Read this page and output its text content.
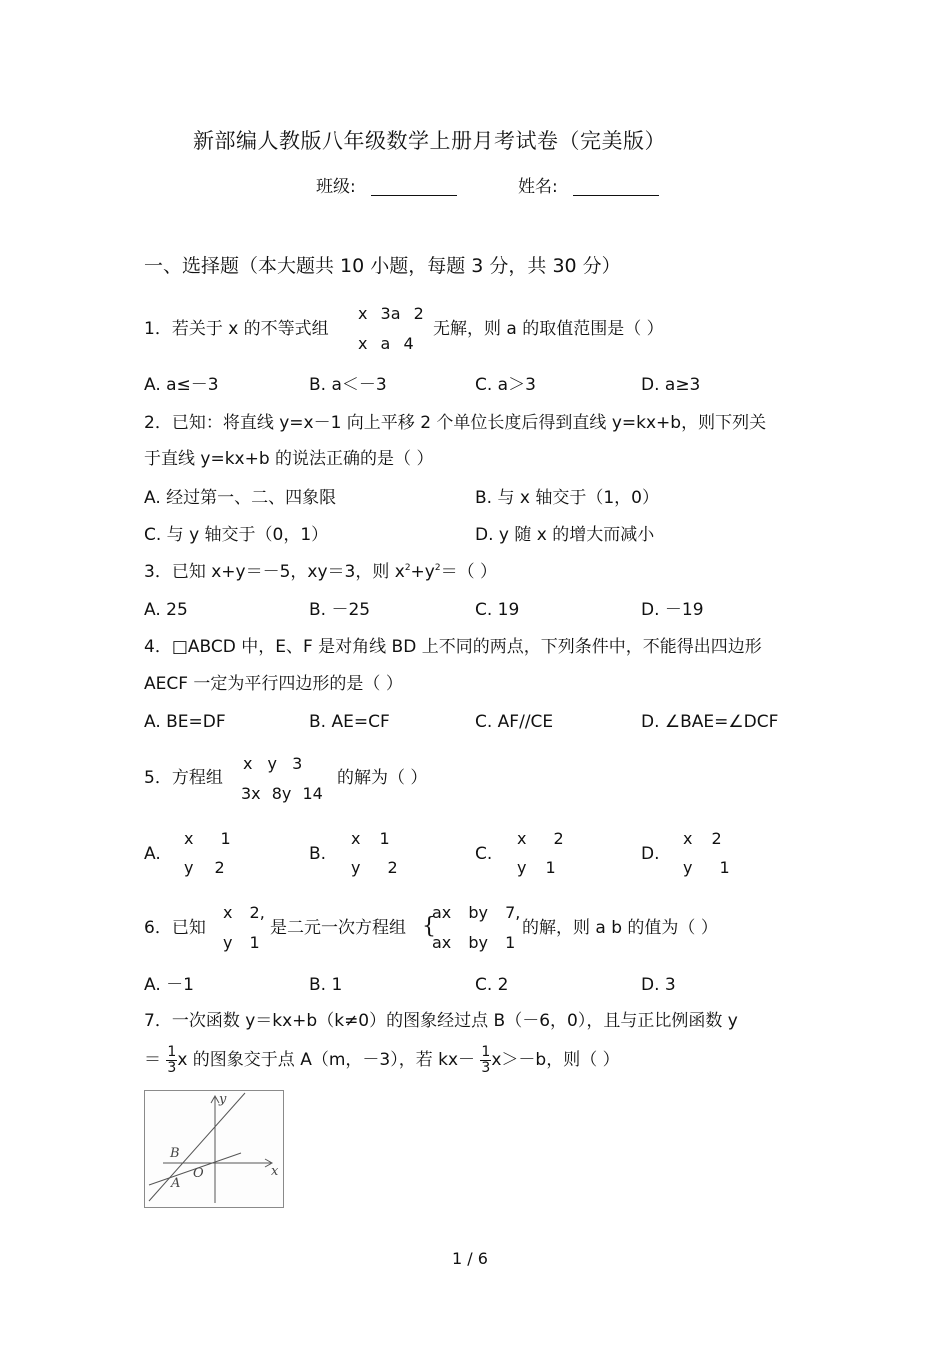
新部编人教版八年级数学上册月考试卷（完美版）
班级:	姓名:
一、选择题（本大题共 10 小题，每题 3 分，共 30 分）
1．若关于 x 的不等式组
x 3a 2
x a 4
无解，则 a 的取值范围是（ ）
A. a≤－3	B. a＜－3	C. a＞3	D. a≥3
2．已知：将直线 y=x－1 向上平移 2 个单位长度后得到直线 y=kx+b，则下列关
于直线 y=kx+b 的说法正确的是（ ）
A. 经过第一、二、四象限	B. 与 x 轴交于（1，0）
C. 与 y 轴交于（0，1）	D. y 随 x 的增大而减小
3．已知 x+y＝－5，xy＝3，则 $x^2+y^2=$（ ）
A. 25	B. －25	C. 19	D. －19
4．□ABCD 中，E、F 是对角线 BD 上不同的两点，下列条件中，不能得出四边形
AECF 一定为平行四边形的是（ ）
A. BE=DF	B. AE=CF	C. AF//CE	D. ∠BAE=∠DCF
5．方程组
x y 3
3x 8y 14
的解为（ ）
A.
x 1
y 2
B.
x 1
y 2
C.
x 2
y 1
D.
x 2
y 1
6．已知
x 2,
y 1
是二元一次方程组 {
ax by 7,
ax by 1
的解，则 a b 的值为（ ）
A. －1	B. 1	C. 2	D. 3
7．一次函数 y＝kx+b（k≠0）的图象经过点 B（－6，0），且与正比例函数 y
＝ $\frac{1}{3}$ x 的图象交于点 A（m，－3），若 $kx- \frac{1}{3} x>-b$，则（ ）
y
x
B
O
A
1 / 6
